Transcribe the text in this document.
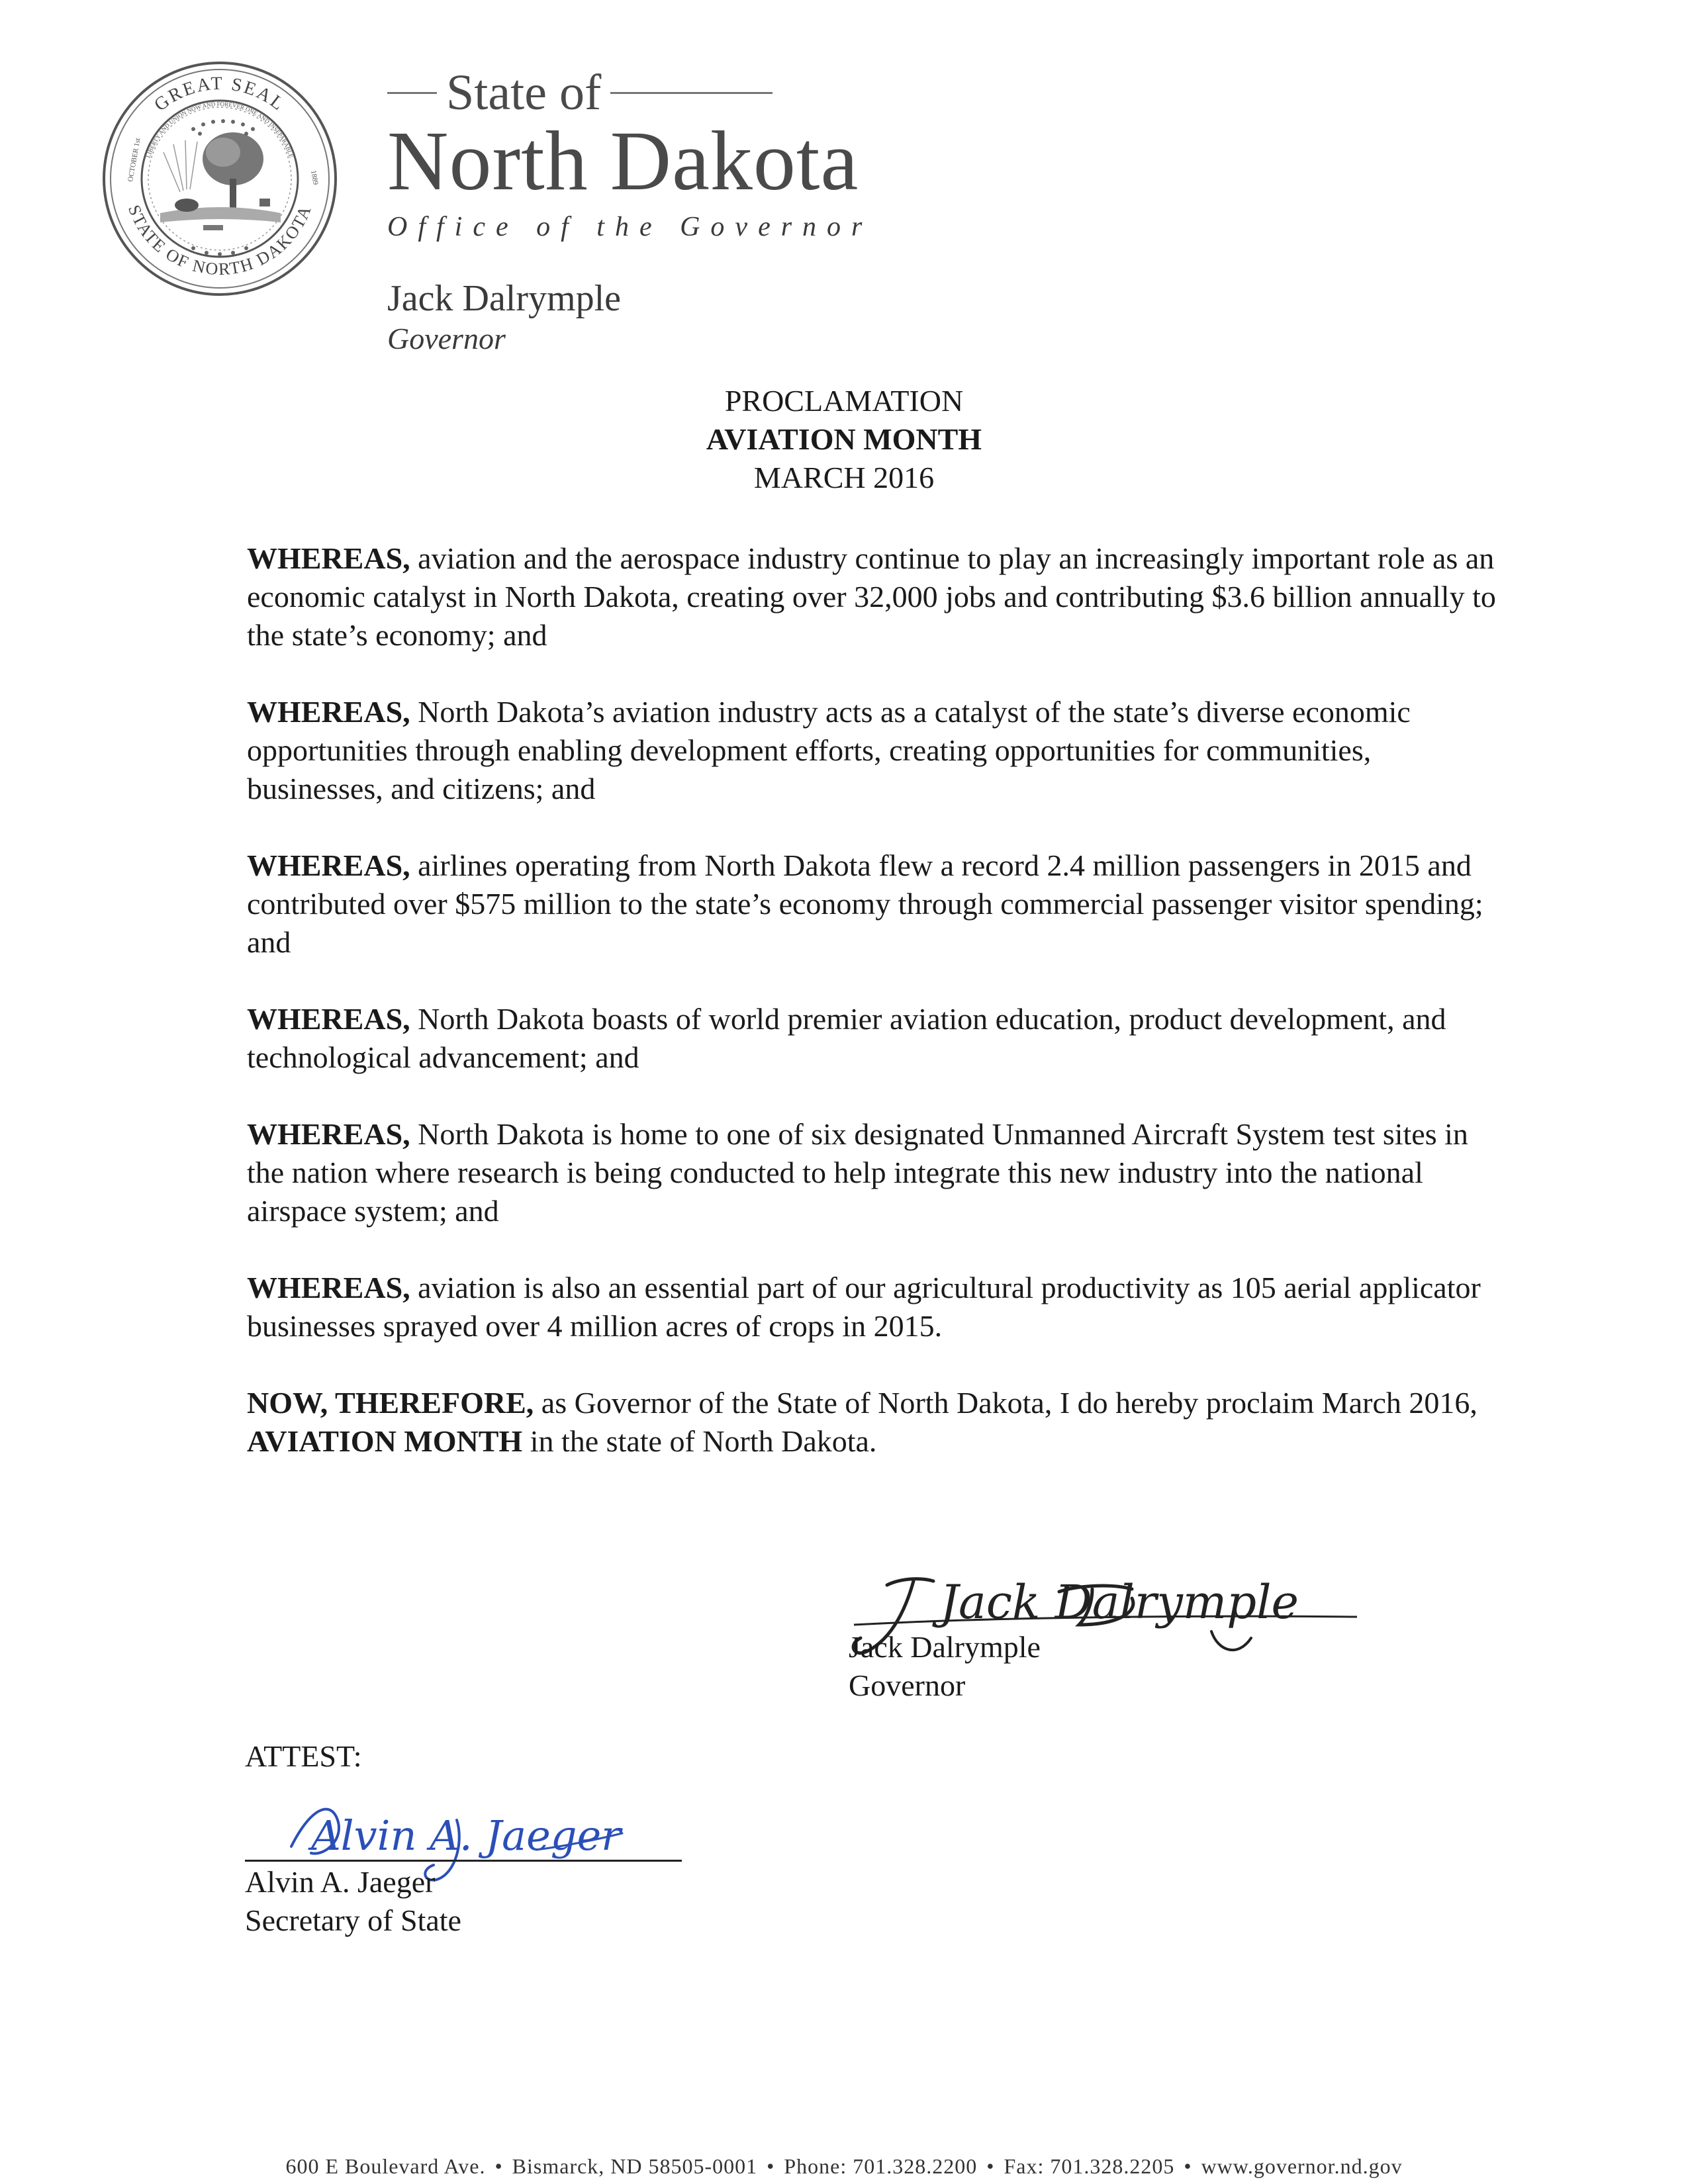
GREAT SEAL
STATE OF NORTH DAKOTA
LIBERTY AND UNION NOW AND FOREVER ONE AND INSEPARABLE
OCTOBER 1st	1889
State of
North Dakota
Office of the Governor
Jack Dalrymple
Governor
PROCLAMATION
AVIATION MONTH
MARCH 2016

WHEREAS, aviation and the aerospace industry continue to play an increasingly important role as an economic catalyst in North Dakota, creating over 32,000 jobs and contributing $3.6 billion annually to the state’s economy; and

WHEREAS, North Dakota’s aviation industry acts as a catalyst of the state’s diverse economic opportunities through enabling development efforts, creating opportunities for communities, businesses, and citizens; and

WHEREAS, airlines operating from North Dakota flew a record 2.4 million passengers in 2015 and contributed over $575 million to the state’s economy through commercial passenger visitor spending; and

WHEREAS, North Dakota boasts of world premier aviation education, product development, and technological advancement; and

WHEREAS, North Dakota is home to one of six designated Unmanned Aircraft System test sites in the nation where research is being conducted to help integrate this new industry into the national airspace system; and

WHEREAS, aviation is also an essential part of our agricultural productivity as 105 aerial applicator businesses sprayed over 4 million acres of crops in 2015.

NOW, THEREFORE, as Governor of the State of North Dakota, I do hereby proclaim March 2016, AVIATION MONTH in the state of North Dakota.

Jack Dalrymple
Jack Dalrymple
Governor
ATTEST:
Alvin A. Jaeger
Alvin A. Jaeger
Secretary of State
600 E Boulevard Ave. • Bismarck, ND 58505-0001 • Phone: 701.328.2200 • Fax: 701.328.2205 • www.governor.nd.gov
